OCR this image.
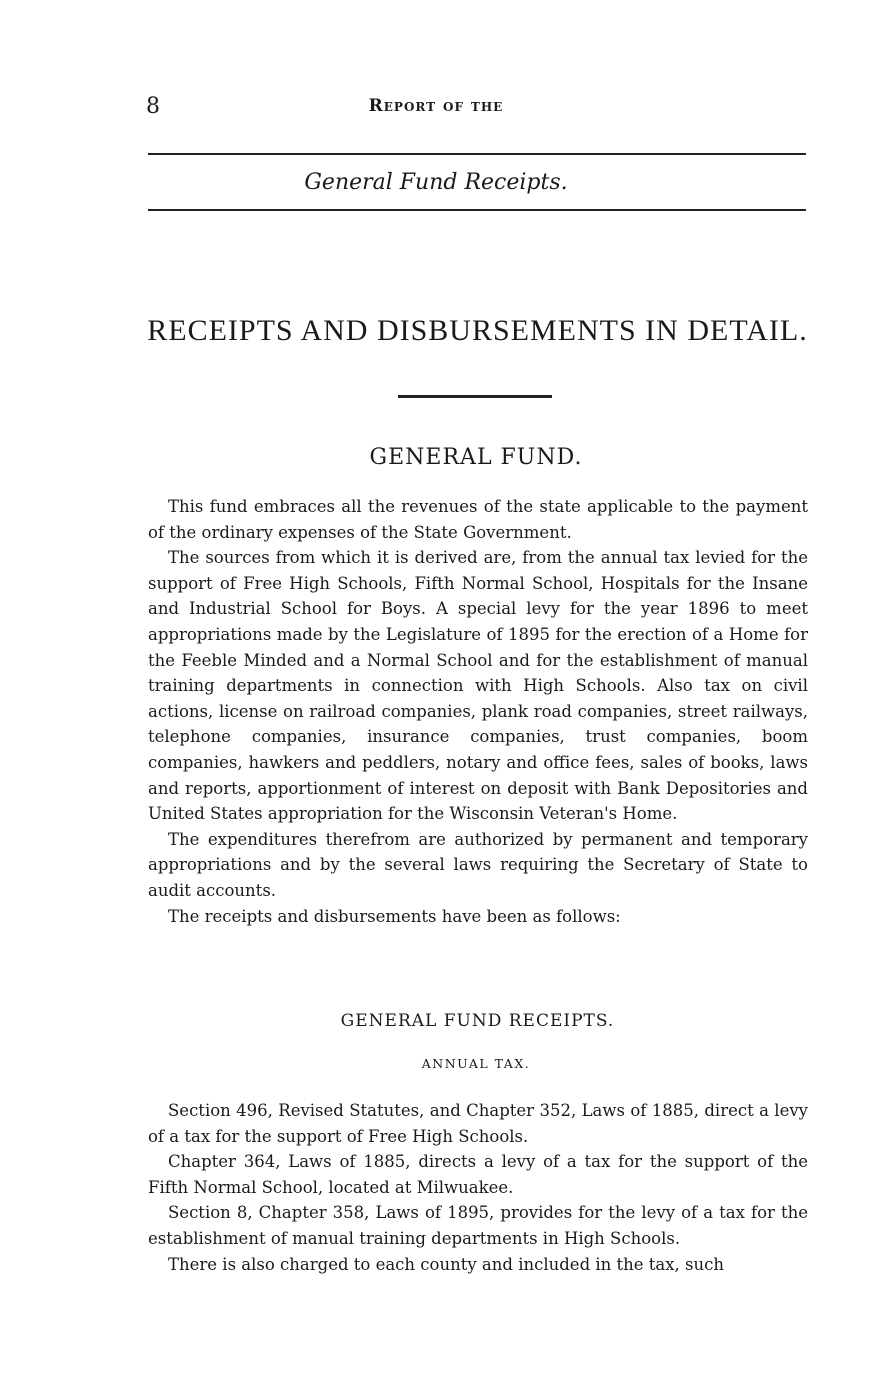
8	Report of the
General Fund Receipts.
RECEIPTS AND DISBURSEMENTS IN DETAIL.
GENERAL FUND.

This fund embraces all the revenues of the state applicable to the payment of the ordinary expenses of the State Government.

The sources from which it is derived are, from the annual tax levied for the support of Free High Schools, Fifth Normal School, Hospitals for the Insane and Industrial School for Boys. A special levy for the year 1896 to meet appropriations made by the Legislature of 1895 for the erection of a Home for the Feeble Minded and a Normal School and for the establishment of manual training departments in connection with High Schools. Also tax on civil actions, license on railroad companies, plank road companies, street railways, telephone companies, insurance companies, trust companies, boom companies, hawkers and peddlers, notary and office fees, sales of books, laws and reports, apportionment of interest on deposit with Bank Depositories and United States appropriation for the Wisconsin Veteran's Home.

The expenditures therefrom are authorized by permanent and temporary appropriations and by the several laws requiring the Secretary of State to audit accounts.

The receipts and disbursements have been as follows:

GENERAL FUND RECEIPTS.
ANNUAL TAX.

Section 496, Revised Statutes, and Chapter 352, Laws of 1885, direct a levy of a tax for the support of Free High Schools.

Chapter 364, Laws of 1885, directs a levy of a tax for the support of the Fifth Normal School, located at Milwuakee.

Section 8, Chapter 358, Laws of 1895, provides for the levy of a tax for the establishment of manual training departments in High Schools.

There is also charged to each county and included in the tax, such
